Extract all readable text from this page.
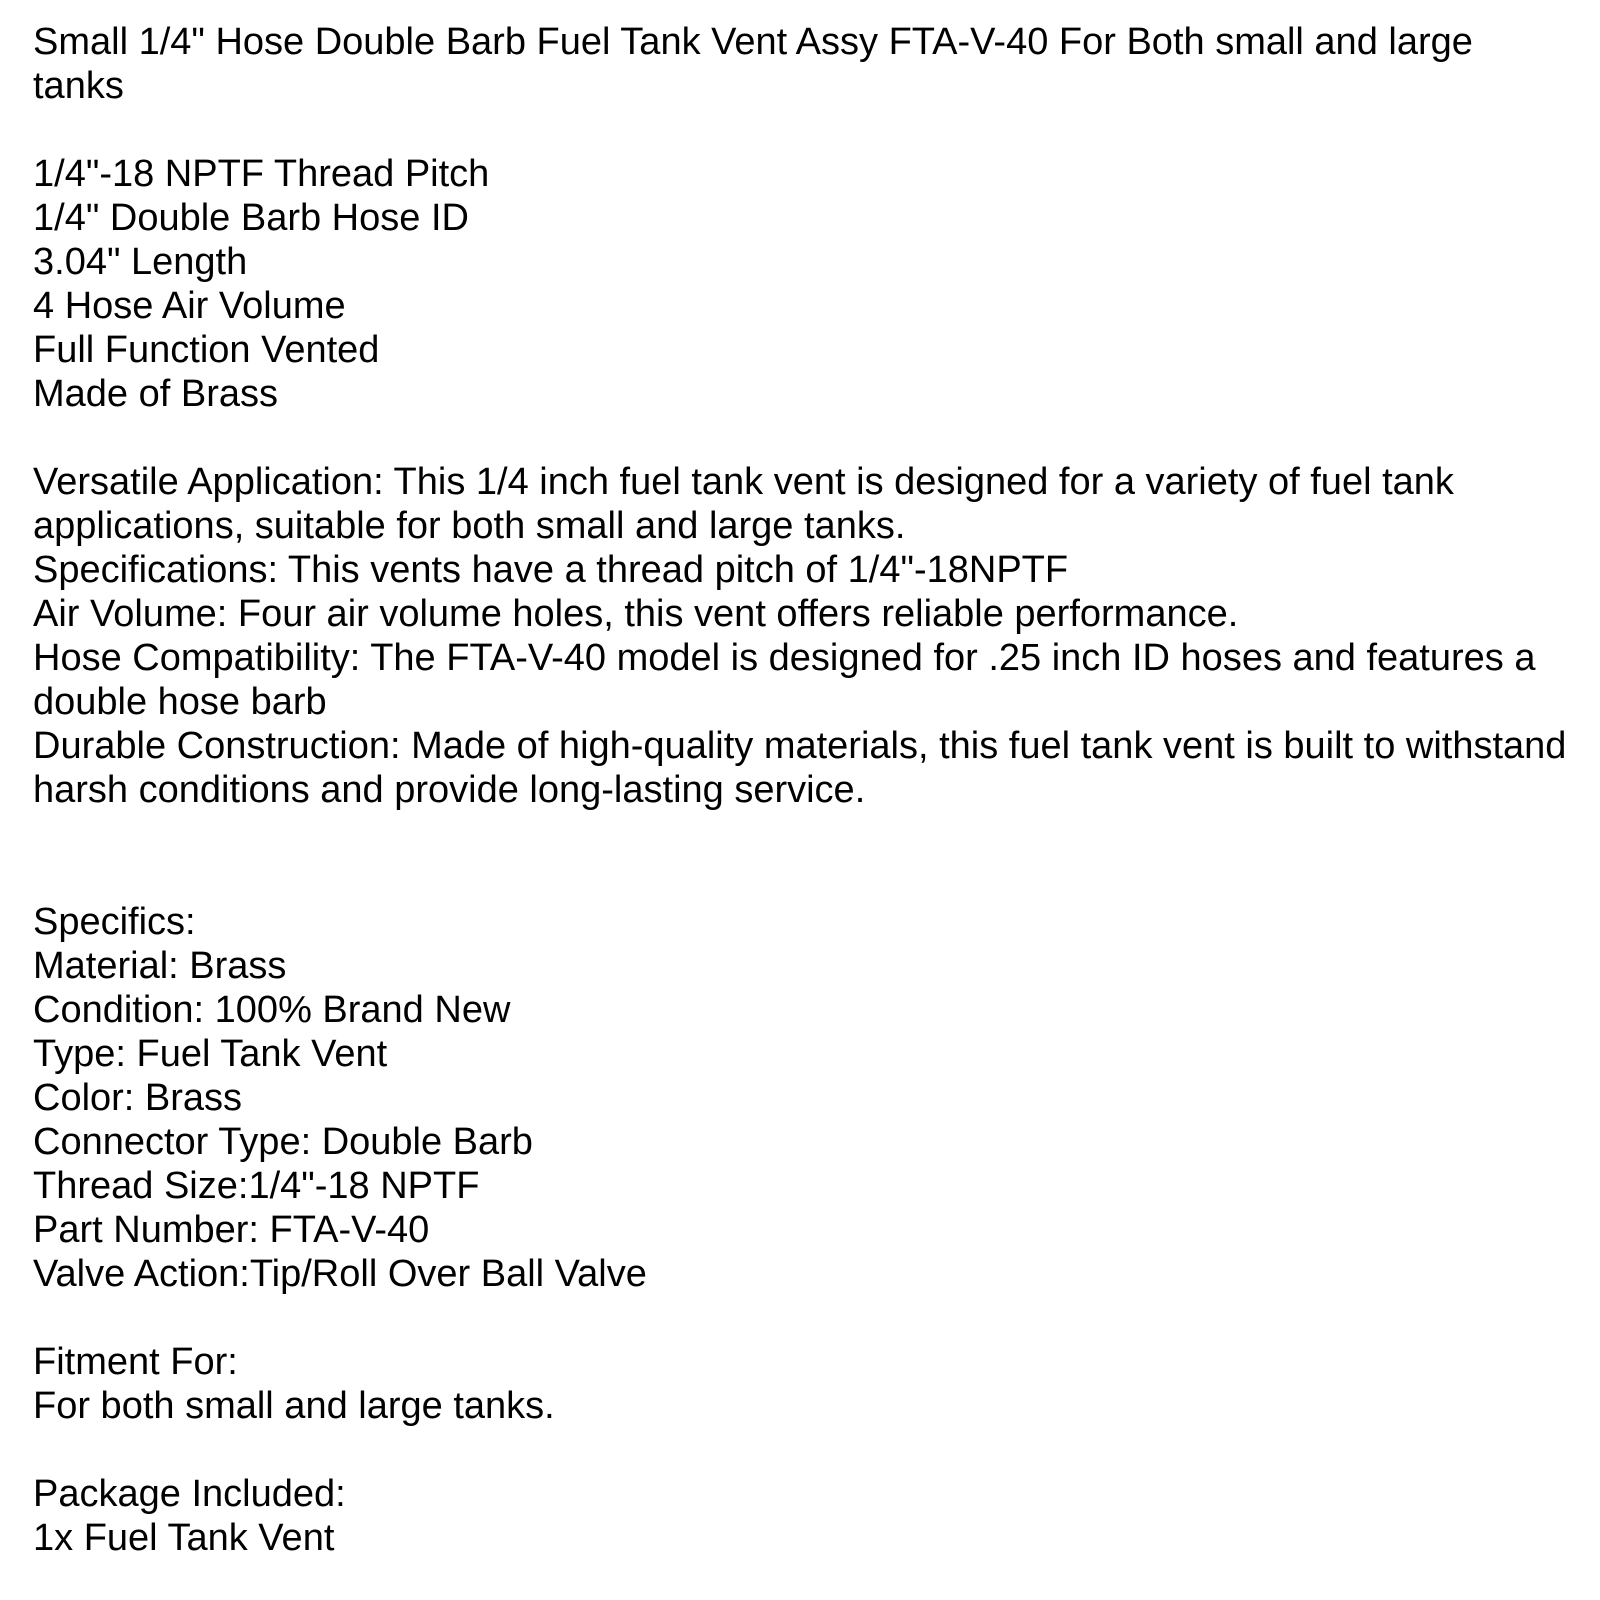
Small 1/4" Hose Double Barb Fuel Tank Vent Assy FTA-V-40 For Both small and large tanks
1/4"-18 NPTF Thread Pitch
1/4" Double Barb Hose ID
3.04" Length
4 Hose Air Volume
Full Function Vented
Made of Brass
Versatile Application: This 1/4 inch fuel tank vent is designed for a variety of fuel tank applications, suitable for both small and large tanks.
Specifications: This vents have a thread pitch of 1/4"-18NPTF
Air Volume: Four air volume holes, this vent offers reliable performance.
Hose Compatibility: The FTA-V-40 model is designed for .25 inch ID hoses and features a double hose barb
Durable Construction: Made of high-quality materials, this fuel tank vent is built to withstand harsh conditions and provide long-lasting service.
Specifics:
Material: Brass
Condition: 100% Brand New
Type: Fuel Tank Vent
Color: Brass
Connector Type: Double Barb
Thread Size:1/4"-18 NPTF
Part Number: FTA-V-40
Valve Action:Tip/Roll Over Ball Valve
Fitment For:
For both small and large tanks.
Package Included:
1x Fuel Tank Vent
